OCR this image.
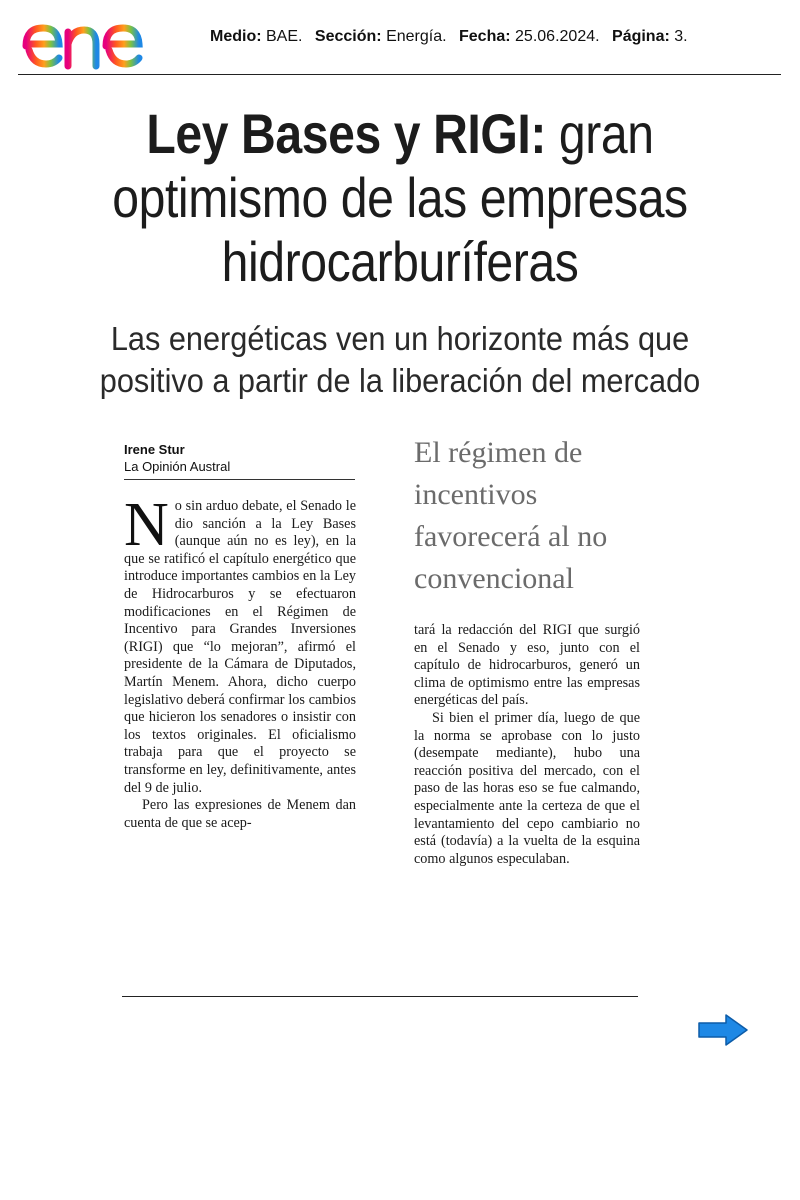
Medio: BAE. Sección: Energía. Fecha: 25.06.2024. Página: 3.
Ley Bases y RIGI: gran
optimismo de las empresas
hidrocarburíferas
Las energéticas ven un horizonte más que
positivo a partir de la liberación del mercado
Irene Stur
La Opinión Austral

No sin arduo debate, el Senado le dio sanción a la Ley Bases (aunque aún no es ley), en la que se ratificó el capítulo energético que introduce importantes cambios en la Ley de Hidrocarburos y se efectuaron modificaciones en el Régimen de Incentivo para Grandes Inversiones (RIGI) que “lo mejoran”, afirmó el presidente de la Cámara de Diputados, Martín Menem. Ahora, dicho cuerpo legislativo deberá confirmar los cambios que hicieron los senadores o insistir con los textos originales. El oficialismo trabaja para que el proyecto se transforme en ley, definitivamente, antes del 9 de julio.

Pero las expresiones de Menem dan cuenta de que se acep-

El régimen de incentivos favorecerá al no convencional

tará la redacción del RIGI que surgió en el Senado y eso, junto con el capítulo de hidrocarburos, generó un clima de optimismo entre las empresas energéticas del país.

Si bien el primer día, luego de que la norma se aprobase con lo justo (desempate mediante), hubo una reacción positiva del mercado, con el paso de las horas eso se fue calmando, especialmente ante la certeza de que el levantamiento del cepo cambiario no está (todavía) a la vuelta de la esquina como algunos especulaban.
